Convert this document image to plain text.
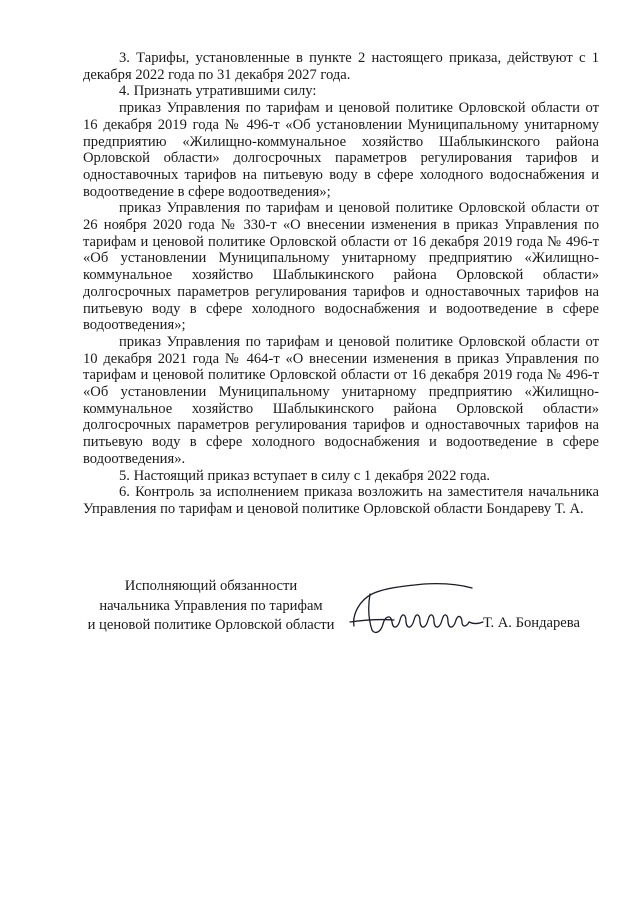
3. Тарифы, установленные в пункте 2 настоящего приказа, действуют с 1 декабря 2022 года по 31 декабря 2027 года.

4. Признать утратившими силу:

приказ Управления по тарифам и ценовой политике Орловской области от 16 декабря 2019 года № 496-т «Об установлении Муниципальному унитарному предприятию «Жилищно-коммунальное хозяйство Шаблыкинского района Орловской области» долгосрочных параметров регулирования тарифов и одноставочных тарифов на питьевую воду в сфере холодного водоснабжения и водоотведение в сфере водоотведения»;

приказ Управления по тарифам и ценовой политике Орловской области от 26 ноября 2020 года № 330-т «О внесении изменения в приказ Управления по тарифам и ценовой политике Орловской области от 16 декабря 2019 года № 496-т «Об установлении Муниципальному унитарному предприятию «Жилищно-коммунальное хозяйство Шаблыкинского района Орловской области» долгосрочных параметров регулирования тарифов и одноставочных тарифов на питьевую воду в сфере холодного водоснабжения и водоотведение в сфере водоотведения»;

приказ Управления по тарифам и ценовой политике Орловской области от 10 декабря 2021 года № 464-т «О внесении изменения в приказ Управления по тарифам и ценовой политике Орловской области от 16 декабря 2019 года № 496-т «Об установлении Муниципальному унитарному предприятию «Жилищно-коммунальное хозяйство Шаблыкинского района Орловской области» долгосрочных параметров регулирования тарифов и одноставочных тарифов на питьевую воду в сфере холодного водоснабжения и водоотведение в сфере водоотведения».

5. Настоящий приказ вступает в силу с 1 декабря 2022 года.

6. Контроль за исполнением приказа возложить на заместителя начальника Управления по тарифам и ценовой политике Орловской области Бондареву Т. А.

Исполняющий обязанности
начальника Управления по тарифам
и ценовой политике Орловской области	Т. А. Бондарева
